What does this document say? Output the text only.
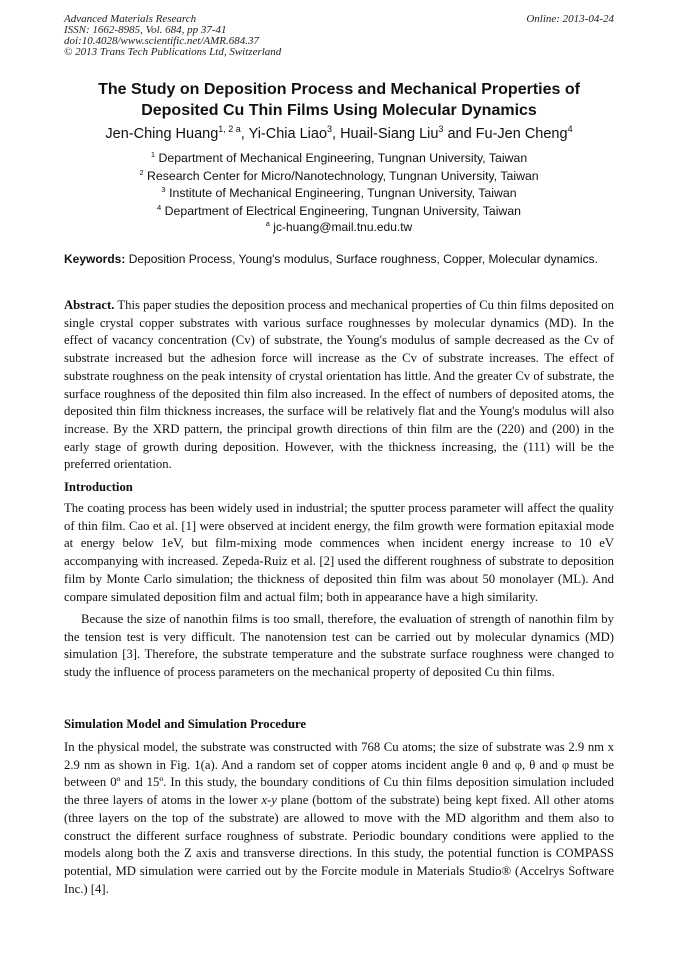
Advanced Materials Research
ISSN: 1662-8985, Vol. 684, pp 37-41
doi:10.4028/www.scientific.net/AMR.684.37
© 2013 Trans Tech Publications Ltd, Switzerland
Online: 2013-04-24
The Study on Deposition Process and Mechanical Properties of
Deposited Cu Thin Films Using Molecular Dynamics
Jen-Ching Huang$^{1, 2 a}$, Yi-Chia Liao$^3$, Huail-Siang Liu$^3$ and Fu-Jen Cheng$^4$
$^1$ Department of Mechanical Engineering, Tungnan University, Taiwan
$^2$ Research Center for Micro/Nanotechnology, Tungnan University, Taiwan
$^3$ Institute of Mechanical Engineering, Tungnan University, Taiwan
$^4$ Department of Electrical Engineering, Tungnan University, Taiwan
$^a$ jc-huang@mail.tnu.edu.tw
Keywords: Deposition Process, Young's modulus, Surface roughness, Copper, Molecular dynamics.
Abstract. This paper studies the deposition process and mechanical properties of Cu thin films deposited on single crystal copper substrates with various surface roughnesses by molecular dynamics (MD). In the effect of vacancy concentration (Cv) of substrate, the Young's modulus of sample decreased as the Cv of substrate increased but the adhesion force will increase as the Cv of substrate increases. The effect of substrate roughness on the peak intensity of crystal orientation has little. And the greater Cv of substrate, the surface roughness of the deposited thin film also increased. In the effect of numbers of deposited atoms, the deposited thin film thickness increases, the surface will be relatively flat and the Young's modulus will also increase. By the XRD pattern, the principal growth directions of thin film are the (220) and (200) in the early stage of growth during deposition. However, with the thickness increasing, the (111) will be the preferred orientation.
Introduction
The coating process has been widely used in industrial; the sputter process parameter will affect the quality of thin film. Cao et al. [1] were observed at incident energy, the film growth were formation epitaxial mode at energy below 1eV, but film-mixing mode commences when incident energy increase to 10 eV accompanying with increased. Zepeda-Ruiz et al. [2] used the different roughness of substrate to deposition film by Monte Carlo simulation; the thickness of deposited thin film was about 50 monolayer (ML). And compare simulated deposition film and actual film; both in appearance have a high similarity.
Because the size of nanothin films is too small, therefore, the evaluation of strength of nanothin film by the tension test is very difficult. The nanotension test can be carried out by molecular dynamics (MD) simulation [3]. Therefore, the substrate temperature and the substrate surface roughness were changed to study the influence of process parameters on the mechanical property of deposited Cu thin films.
Simulation Model and Simulation Procedure
In the physical model, the substrate was constructed with 768 Cu atoms; the size of substrate was 2.9 nm x 2.9 nm as shown in Fig. 1(a). And a random set of copper atoms incident angle θ and φ, θ and φ must be between 0º and 15º. In this study, the boundary conditions of Cu thin films deposition simulation included the three layers of atoms in the lower x-y plane (bottom of the substrate) being kept fixed. All other atoms (three layers on the top of the substrate) are allowed to move with the MD algorithm and them also to construct the different surface roughness of substrate. Periodic boundary conditions were applied to the models along both the Z axis and transverse directions. In this study, the potential function is COMPASS potential, MD simulation were carried out by the Forcite module in Materials Studio® (Accelrys Software Inc.) [4].
